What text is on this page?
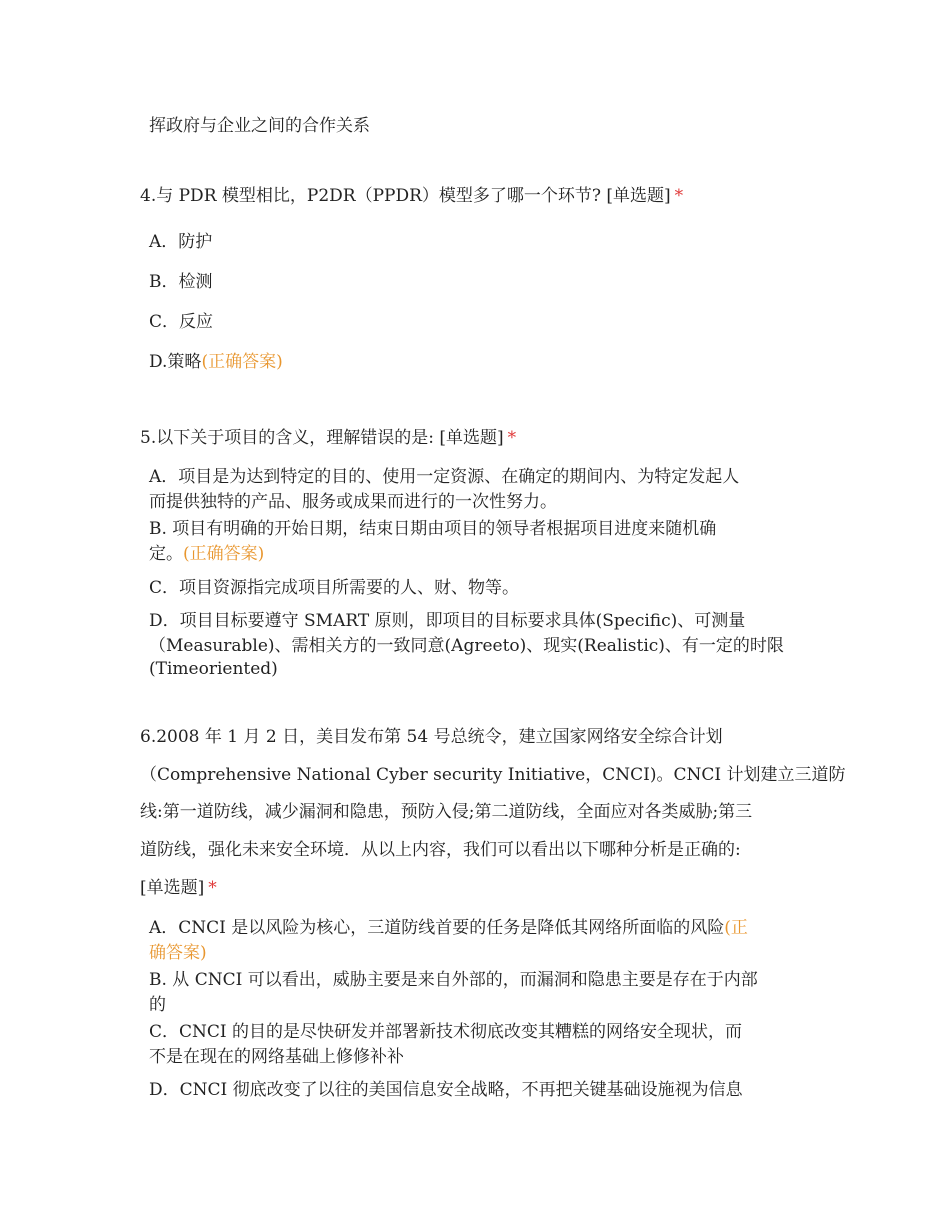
挥政府与企业之间的合作关系
4.与 PDR 模型相比，P2DR（PPDR）模型多了哪一个环节? [单选题] *
A．防护
B．检测
C．反应
D.策略(正确答案)
5.以下关于项目的含义，理解错误的是: [单选题] *
A．项目是为达到特定的目的、使用一定资源、在确定的期间内、为特定发起人
而提供独特的产品、服务或成果而进行的一次性努力。
B. 项目有明确的开始日期，结束日期由项目的领导者根据项目进度来随机确
定。(正确答案)
C．项目资源指完成项目所需要的人、财、物等。
D．项目目标要遵守 SMART 原则，即项目的目标要求具体(Specific)、可测量
（Measurable)、需相关方的一致同意(Agreeto)、现实(Realistic)、有一定的时限
(Timeoriented)
6.2008 年 1 月 2 日，美目发布第 54 号总统令，建立国家网络安全综合计划
（Comprehensive National Cyber security Initiative，CNCI)。CNCI 计划建立三道防
线:第一道防线，减少漏洞和隐患，预防入侵;第二道防线，全面应对各类威胁;第三
道防线，强化未来安全环境．从以上内容，我们可以看出以下哪种分析是正确的:
[单选题] *
A．CNCI 是以风险为核心，三道防线首要的任务是降低其网络所面临的风险(正
确答案)
B. 从 CNCI 可以看出，威胁主要是来自外部的，而漏洞和隐患主要是存在于内部
的
C．CNCI 的目的是尽快研发并部署新技术彻底改变其糟糕的网络安全现状，而
不是在现在的网络基础上修修补补
D．CNCI 彻底改变了以往的美国信息安全战略，不再把关键基础设施视为信息
